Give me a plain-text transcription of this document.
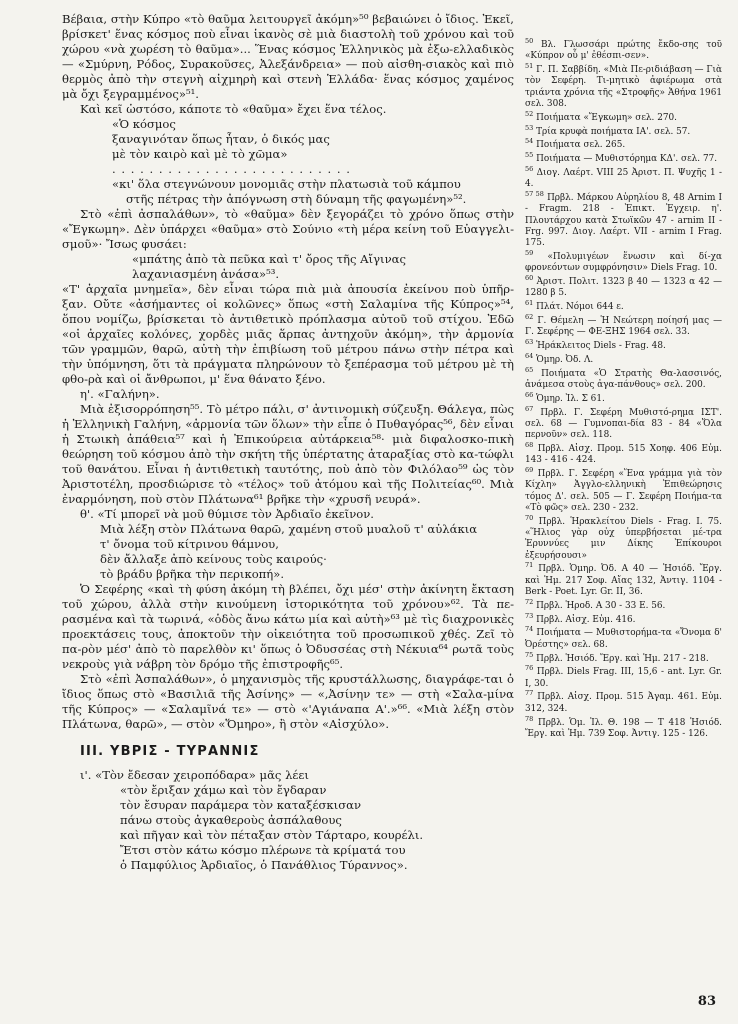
Βέβαια, στὴν Κύπρο «τὸ θαῦμα λειτουργεῖ ἀκόμη»⁵⁰ βεβαιώνει ὁ ἴδιος. Ἐκεῖ, βρίσκετ' ἕνας κόσμος ποὺ εἶναι ἱκανὸς σὲ μιὰ διαστολὴ τοῦ χρόνου καὶ τοῦ χώρου «νὰ χωρέση τὸ θαῦμα»... Ἕνας κόσμος Ἑλληνικὸς μὰ ἐξω-ελλαδικὸς — «Σμύρνη, Ρόδος, Συρακοῦσες, Ἀλεξάνδρεια» — ποὺ αἰσθη-σιακὸς καὶ πιὸ θερμὸς ἀπὸ τὴν στεγνὴ αἰχμηρὴ καὶ στενὴ Ἑλλάδα· ἕνας κόσμος χαμένος μὰ ὄχι ξεγραμμένος»⁵¹.

Καὶ κεῖ ὡστόσο, κάποτε τὸ «θαῦμα» ἔχει ἕνα τέλος.

«Ὁ κόσμος
ξαναγινόταν ὅπως ἦταν, ὁ δικός μας
μὲ τὸν καιρὸ καὶ μὲ τὸ χῶμα»
. . . . . . . . . . . . . . . . . . . . . . . . . .
«κι' ὅλα στεγνώνουν μονομιᾶς στὴν πλατωσιὰ τοῦ κάμπου
στῆς πέτρας τὴν ἀπόγνωση στὴ δύναμη τῆς φαγωμένη»⁵².

Στὸ «ἐπὶ ἀσπαλάθων», τὸ «θαῦμα» δὲν ξεγοράζει τὸ χρόνο ὅπως στὴν «Ἔγκωμη». Δὲν ὑπάρχει «θαῦμα» στὸ Σούνιο «τὴ μέρα κείνη τοῦ Εὐαγγελι-σμοῦ»· Ἴσως φυσάει:

«μπάτης ἀπὸ τὰ πεῦκα καὶ τ' ὄρος τῆς Αἴγινας
λαχανιασμένη ἀνάσα»⁵³.

«Τ' ἀρχαῖα μνημεῖα», δὲν εἶναι τώρα πιὰ μιὰ ἀπουσία ἐκείνου ποὺ ὑπῆρ-ξαν. Οὔτε «ἀσήμαντες οἱ κολῶνες» ὅπως «στὴ Σαλαμίνα τῆς Κύπρος»⁵⁴, ὅπου νομίζω, βρίσκεται τὸ ἀντιθετικὸ πρόπλασμα αὐτοῦ τοῦ στίχου. Ἐδῶ «οἱ ἀρχαῖες κολόνες, χορδὲς μιᾶς ἅρπας ἀντηχοῦν ἀκόμη», τὴν ἁρμονία τῶν γραμμῶν, θαρῶ, αὐτὴ τὴν ἐπιβίωση τοῦ μέτρου πάνω στὴν πέτρα καὶ τὴν ὑπόμνηση, ὅτι τὰ πράγματα πληρώνουν τὸ ξεπέρασμα τοῦ μέτρου μὲ τὴ φθο-ρὰ καὶ οἱ ἄνθρωποι, μ' ἕνα θάνατο ξένο.

η'. «Γαλήνη».

Μιὰ ἐξισορρόπηση⁵⁵. Τὸ μέτρο πάλι, σ' ἀντινομικὴ σύζευξη. Θάλεγα, πὼς ἡ Ἑλληνικὴ Γαλήνη, «ἁρμονία τῶν ὅλων» τὴν εἶπε ὁ Πυθαγόρας⁵⁶, δὲν εἶναι ἡ Στωικὴ ἀπάθεια⁵⁷ καὶ ἡ Ἐπικούρεια αὐτάρκεια⁵⁸· μιὰ διφαλοσκο-πικὴ θεώρηση τοῦ κόσμου ἀπὸ τὴν σκήτη τῆς ὑπέρτατης ἀταραξίας στὸ κα-τώφλι τοῦ θανάτου. Εἶναι ἡ ἀντιθετικὴ ταυτότης, ποὺ ἀπὸ τὸν Φιλόλαο⁵⁹ ὡς τὸν Ἀριστοτέλη, προσδιώρισε τὸ «τέλος» τοῦ ἀτόμου καὶ τῆς Πολιτείας⁶⁰. Μιὰ ἐναρμόνηση, ποὺ στὸν Πλάτωνα⁶¹ βρῆκε τὴν «χρυσῆ νευρά».

θ'. «Τί μπορεῖ νὰ μοῦ θύμισε τὸν Ἀρδιαῖο ἐκεῖνον.

Μιὰ λέξη στὸν Πλάτωνα θαρῶ, χαμένη στοῦ μυαλοῦ τ' αὐλάκια
τ' ὄνομα τοῦ κίτρινου θάμνου,
δὲν ἄλλαξε ἀπὸ κείνους τοὺς καιρούς·
τὸ βράδυ βρῆκα τὴν περικοπή».

Ὁ Σεφέρης «καὶ τὴ φύση ἀκόμη τὴ βλέπει, ὄχι μέσ' στὴν ἀκίνητη ἔκταση τοῦ χώρου, ἀλλὰ στὴν κινούμενη ἱστορικότητα τοῦ χρόνου»⁶². Τὰ πε-ρασμένα καὶ τὰ τωρινά, «ὁδὸς ἄνω κάτω μία καὶ αὐτὴ»⁶³ μὲ τὶς διαχρονικὲς προεκτάσεις τους, ἀποκτοῦν τὴν οἰκειότητα τοῦ προσωπικοῦ χθές. Ζεῖ τὸ πα-ρὸν μέσ' ἀπὸ τὸ παρελθὸν κι' ὅπως ὁ Ὀδυσσέας στὴ Νέκυια⁶⁴ ρωτᾶ τοὺς νεκροὺς γιὰ νάβρη τὸν δρόμο τῆς ἐπιστροφῆς⁶⁵.

Στὸ «ἐπὶ Ἀσπαλάθων», ὁ μηχανισμὸς τῆς κρυστάλλωσης, διαγράφε-ται ὁ ἴδιος ὅπως στὸ «Βασιλιᾶ τῆς Ἀσίνης» — «,Ἀσίνην τε» — στὴ «Σαλα-μίνα τῆς Κύπρος» — «Σαλαμῖνά τε» — στὸ «'Αγιάναπα Α'.»⁶⁶. «Μιὰ λέξη στὸν Πλάτωνα, θαρῶ», — στὸν «Ὅμηρο», ἢ στὸν «Αἰσχύλο».

III. ΥΒΡΙΣ - ΤΥΡΑΝΝΙΣ

ι'. «Τὸν ἔδεσαν χειροπόδαρα» μᾶς λέει

«τὸν ἔριξαν χάμω καὶ τὸν ἔγδαραν
τὸν ἔσυραν παράμερα τὸν καταξέσκισαν
πάνω στοὺς ἀγκαθεροὺς ἀσπάλαθους
καὶ πῆγαν καὶ τὸν πέταξαν στὸν Τάρταρο, κουρέλι.
Ἔτσι στὸν κάτω κόσμο πλέρωνε τὰ κρίματά του
ὁ Παμφύλιος Ἀρδιαῖος, ὁ Πανάθλιος Τύραννος».
$^{50}$ Βλ. Γλωσσάρι πρώτης ἔκδο-σης τοῦ «Κύπρον οὗ μ' ἐθέσπι-σεν».
$^{51}$ Γ. Π. Σαββίδη. «Μιὰ Πε-ριδιάβαση — Γιὰ τὸν Σεφέρη. Τι-μητικὸ ἀφιέρωμα στὰ τριάντα χρόνια τῆς «Στροφῆς» Ἀθήνα 1961 σελ. 308.
$^{52}$ Ποιήματα «Ἔγκωμη» σελ. 270.
$^{53}$ Τρία κρυφὰ ποιήματα ΙΑ'. σελ. 57.
$^{54}$ Ποιήματα σελ. 265.
$^{55}$ Ποιήματα — Μυθιστόρημα ΚΔ'. σελ. 77.
$^{56}$ Διογ. Λαέρτ. VIII 25 Ἀριστ. Π. Ψυχῆς 1 - 4.
$^{57 58}$ Πρβλ. Μάρκου Αὐρηλίου 8, 48 Arnim I - Fragm. 218 - Ἐπικτ. Ἐγχειρ. η'. Πλουτάρχου κατὰ Στωϊκῶν 47 - arnim II - Frg. 997. Διογ. Λαέρτ. VII - arnim I Frag. 175.
$^{59}$ «Πολυμιγέων ἕνωσιν καὶ δί-χα φρονεόντων συμφρόνησιν» Diels Frag. 10.
$^{60}$ Ἀριστ. Πολιτ. 1323 β 40 — 1323 α 42 — 1280 β 5.
$^{61}$ Πλάτ. Νόμοι 644 ε.
$^{62}$ Γ. Θέμελη — Ἡ Νεώτερη ποίησή μας — Γ. Σεφέρης — ΦΕ-ΞΗΣ 1964 σελ. 33.
$^{63}$ Ἡράκλειτος Diels - Frag. 48.
$^{64}$ Ὁμηρ. Ὀδ. Λ.
$^{65}$ Ποιήματα «Ὁ Στρατὴς Θα-λασσινός, ἀνάμεσα στοὺς ἀγα-πάνθους» σελ. 200.
$^{66}$ Ὁμηρ. Ἰλ. Σ 61.
$^{67}$ Πρβλ. Γ. Σεφέρη Μυθιστό-ρημα ΙΣΤ'. σελ. 68 — Γυμνοπαι-δία 83 - 84 «Ὅλα περνοῦν» σελ. 118.
$^{68}$ Πρβλ. Αἰσχ. Προμ. 515 Χοηφ. 406 Εὐμ. 143 - 416 - 424.
$^{69}$ Πρβλ. Γ. Σεφέρη «Ἕνα γράμμα γιὰ τὸν Κίχλη» Ἀγγλο-ελληνικὴ Ἐπιθεώρησις τόμος Δ'. σελ. 505 — Γ. Σεφέρη Ποιήμα-τα «Τὸ φῶς» σελ. 230 - 232.
$^{70}$ Πρβλ. Ἡρακλείτου Diels - Frag. Ι. 75. «Ἥλιος γὰρ οὐχ ὑπερβήσεται μέ-τρα Ἐρυννύες μιν Δίκης Ἐπίκουροι ἐξευρήσουσι»
$^{71}$ Πρβλ. Ὁμηρ. Ὀδ. Α 40 — Ἡσιόδ. Ἔργ. καὶ Ἡμ. 217 Σοφ. Αἴας 132, Ἀντιγ. 1104 - Berk - Poet. Lyr. Gr. II, 36.
$^{72}$ Πρβλ. Ἡροδ. Α 30 - 33 Ε. 56.
$^{73}$ Πρβλ. Αἰσχ. Εὐμ. 416.
$^{74}$ Ποιήματα — Μυθιστορήμα-τα «Ὄνομα δ' Ὀρέστης» σελ. 68.
$^{75}$ Πρβλ. Ἡσιόδ. Ἔργ. καὶ Ἡμ. 217 - 218.
$^{76}$ Πρβλ. Diels Frag. III, 15,6 - ant. Lyr. Gr. I, 30.
$^{77}$ Πρβλ. Αἰσχ. Προμ. 515 Ἀγαμ. 461. Εὐμ. 312, 324.
$^{78}$ Πρβλ. Ὁμ. Ἰλ. Θ. 198 — Τ 418 Ἡσιόδ. Ἔργ. καὶ Ἡμ. 739 Σοφ. Ἀντιγ. 125 - 126.
83
